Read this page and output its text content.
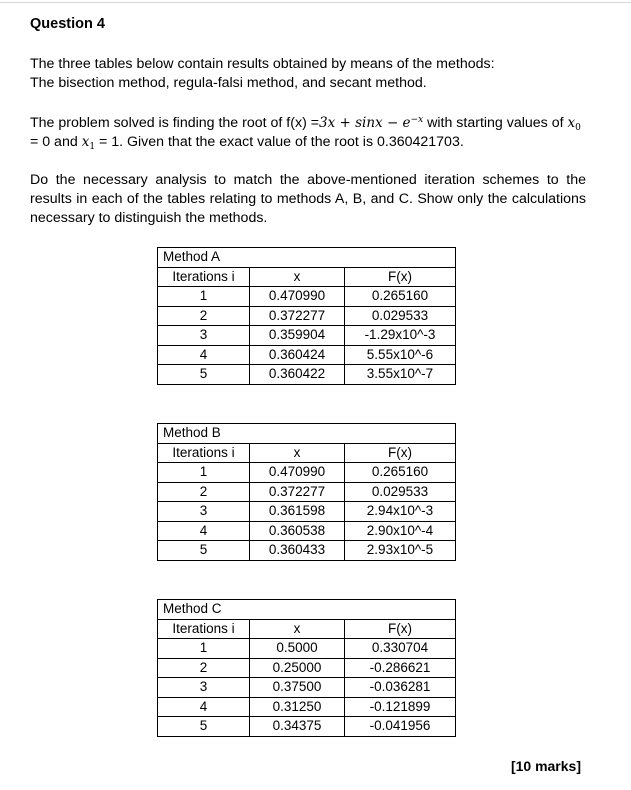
Question 4
The three tables below contain results obtained by means of the methods:
The bisection method, regula-falsi method, and secant method.
The problem solved is finding the root of $f(x) =3x + \sin x - e^{-x}$ with starting values of $x_0$
= 0 and $x_1 = 1$. Given that the exact value of the root is 0.360421703.
Do the necessary analysis to match the above-mentioned iteration schemes to the results in each of the tables relating to methods A, B, and C. Show only the calculations necessary to distinguish the methods.
Method A		
Iterations i	x	F(x)
1	0.470990	0.265160
2	0.372277	0.029533
3	0.359904	-1.29x10^-3
4	0.360424	5.55x10^-6
5	0.360422	3.55x10^-7
Method B		
Iterations i	x	F(x)
1	0.470990	0.265160
2	0.372277	0.029533
3	0.361598	2.94x10^-3
4	0.360538	2.90x10^-4
5	0.360433	2.93x10^-5
Method C		
Iterations i	x	F(x)
1	0.5000	0.330704
2	0.25000	-0.286621
3	0.37500	-0.036281
4	0.31250	-0.121899
5	0.34375	-0.041956
[10 marks]
